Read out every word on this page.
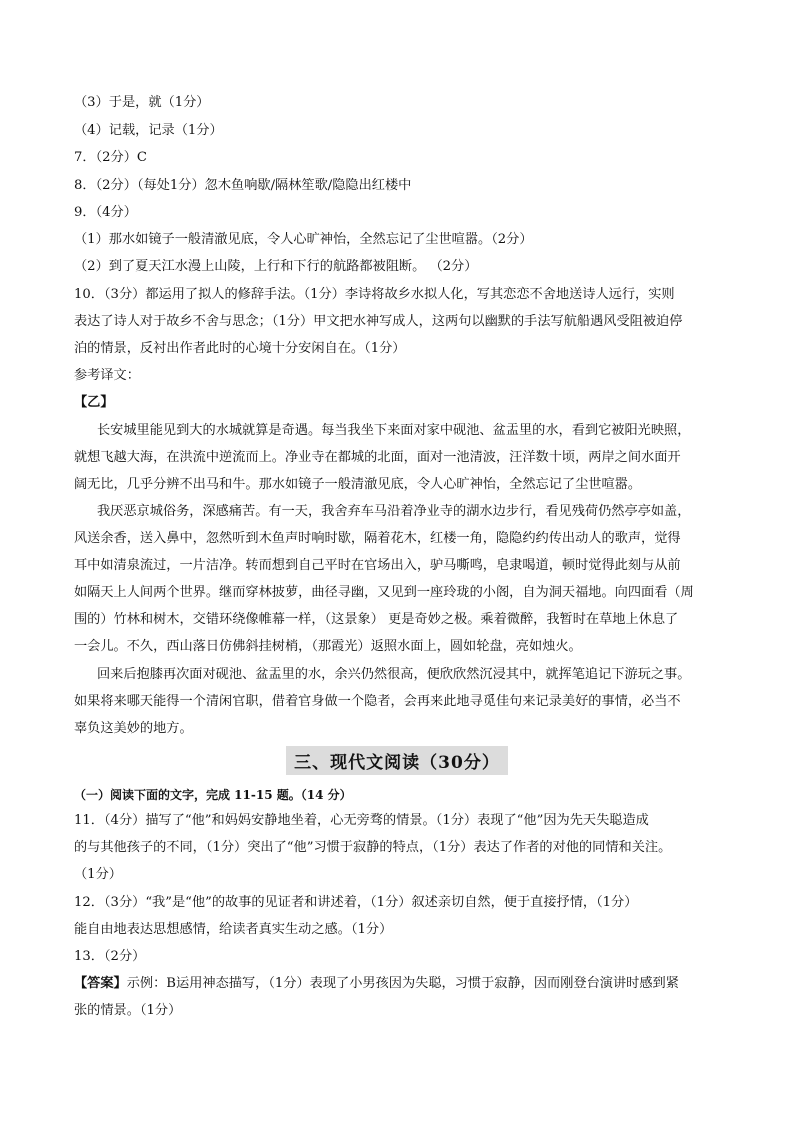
（3）于是，就（1分）
（4）记载，记录（1分）
7．（2分）C
8．（2分）（每处1分）忽木鱼响歇/隔林笙歌/隐隐出红楼中
9．（4分）
（1）那水如镜子一般清澈见底，令人心旷神怡，全然忘记了尘世喧嚣。（2分）
（2）到了夏天江水漫上山陵，上行和下行的航路都被阻断。 （2分）
10．（3分）都运用了拟人的修辞手法。（1分）李诗将故乡水拟人化，写其恋恋不舍地送诗人远行，实则
表达了诗人对于故乡不舍与思念；（1分）甲文把水神写成人，这两句以幽默的手法写航船遇风受阻被迫停
泊的情景，反衬出作者此时的心境十分安闲自在。（1分）
参考译文：
【乙】
长安城里能见到大的水城就算是奇遇。每当我坐下来面对家中砚池、盆盂里的水，看到它被阳光映照，
就想飞越大海，在洪流中逆流而上。净业寺在都城的北面，面对一池清波，汪洋数十顷，两岸之间水面开
阔无比，几乎分辨不出马和牛。那水如镜子一般清澈见底，令人心旷神怡，全然忘记了尘世喧嚣。
我厌恶京城俗务，深感痛苦。有一天，我舍弃车马沿着净业寺的湖水边步行，看见残荷仍然亭亭如盖，
风送余香，送入鼻中，忽然听到木鱼声时响时歇，隔着花木，红楼一角，隐隐约约传出动人的歌声，觉得
耳中如清泉流过，一片洁净。转而想到自己平时在官场出入，驴马嘶鸣，皂隶喝道，顿时觉得此刻与从前
如隔天上人间两个世界。继而穿林披萝，曲径寻幽，又见到一座玲珑的小阁，自为洞天福地。向四面看（周
围的）竹林和树木，交错环绕像帷幕一样，（这景象） 更是奇妙之极。乘着微醉，我暂时在草地上休息了
一会儿。不久，西山落日仿佛斜挂树梢，（那霞光）返照水面上，圆如轮盘，亮如烛火。
回来后抱膝再次面对砚池、盆盂里的水，余兴仍然很高，便欣欣然沉浸其中，就挥笔追记下游玩之事。
如果将来哪天能得一个清闲官职，借着官身做一个隐者，会再来此地寻觅佳句来记录美好的事情，必当不
辜负这美妙的地方。
三、现代文阅读（30分）
（一）阅读下面的文字，完成 11-15 题。（14 分）
11．（4分）描写了“他”和妈妈安静地坐着，心无旁骛的情景。（1分）表现了“他”因为先天失聪造成
的与其他孩子的不同，（1分）突出了“他”习惯于寂静的特点，（1分）表达了作者的对他的同情和关注。
（1分）
12．（3分）“我”是“他”的故事的见证者和讲述着，（1分）叙述亲切自然，便于直接抒情，（1分）
能自由地表达思想感情，给读者真实生动之感。（1分）
13．（2分）
【答案】示例：B运用神态描写，（1分）表现了小男孩因为失聪，习惯于寂静，因而刚登台演讲时感到紧
张的情景。（1分）
